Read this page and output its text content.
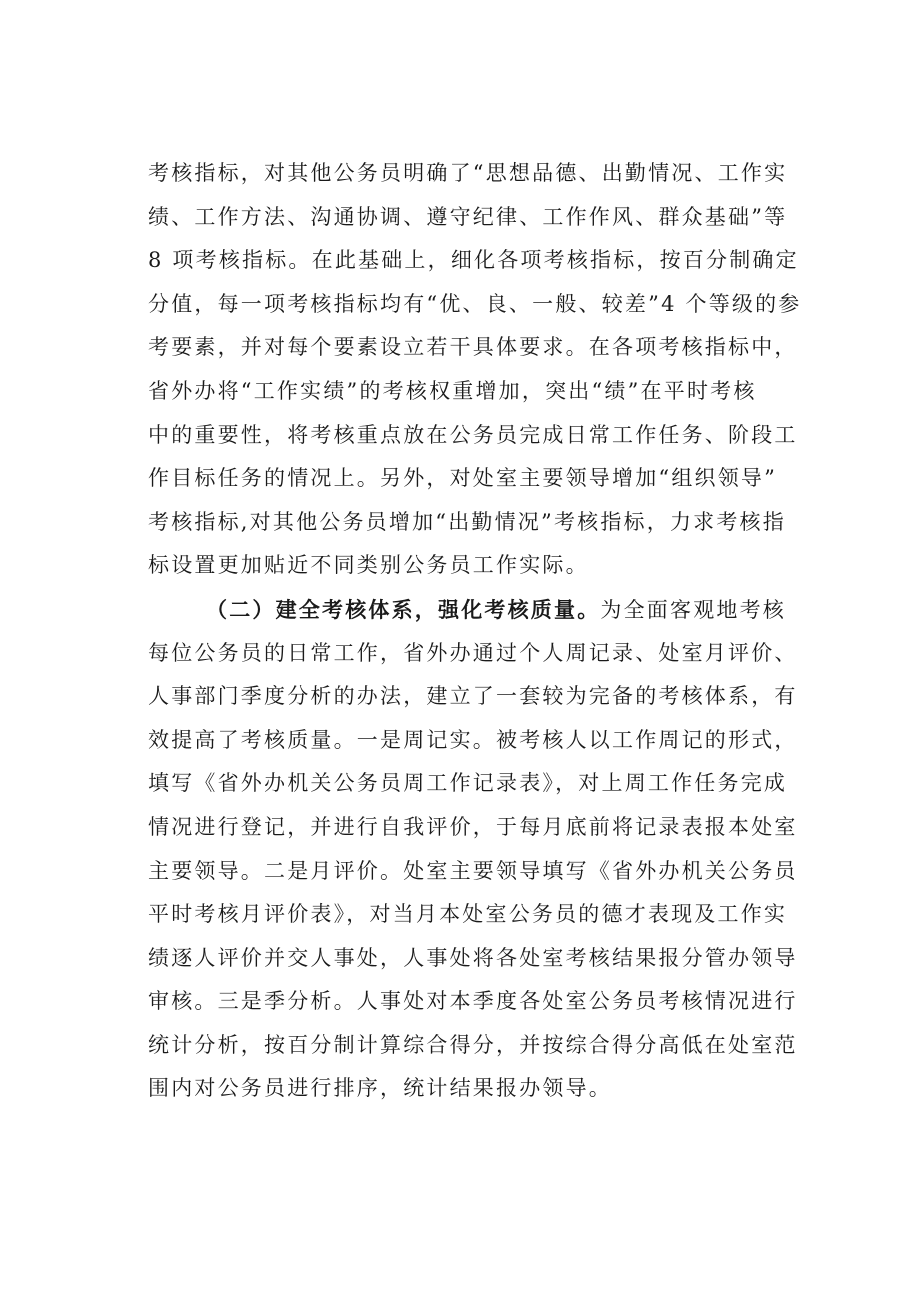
考核指标，对其他公务员明确了“思想品德、出勤情况、工作实
绩、工作方法、沟通协调、遵守纪律、工作作风、群众基础”等
8 项考核指标。在此基础上，细化各项考核指标，按百分制确定
分值，每一项考核指标均有“优、良、一般、较差”4 个等级的参
考要素，并对每个要素设立若干具体要求。在各项考核指标中，
省外办将“工作实绩”的考核权重增加，突出“绩”在平时考核
中的重要性，将考核重点放在公务员完成日常工作任务、阶段工
作目标任务的情况上。另外，对处室主要领导增加“组织领导”
考核指标,对其他公务员增加“出勤情况”考核指标，力求考核指
标设置更加贴近不同类别公务员工作实际。
（二）建全考核体系，强化考核质量。为全面客观地考核
每位公务员的日常工作，省外办通过个人周记录、处室月评价、
人事部门季度分析的办法，建立了一套较为完备的考核体系，有
效提高了考核质量。一是周记实。被考核人以工作周记的形式，
填写《省外办机关公务员周工作记录表》，对上周工作任务完成
情况进行登记，并进行自我评价，于每月底前将记录表报本处室
主要领导。二是月评价。处室主要领导填写《省外办机关公务员
平时考核月评价表》，对当月本处室公务员的德才表现及工作实
绩逐人评价并交人事处，人事处将各处室考核结果报分管办领导
审核。三是季分析。人事处对本季度各处室公务员考核情况进行
统计分析，按百分制计算综合得分，并按综合得分高低在处室范
围内对公务员进行排序，统计结果报办领导。
